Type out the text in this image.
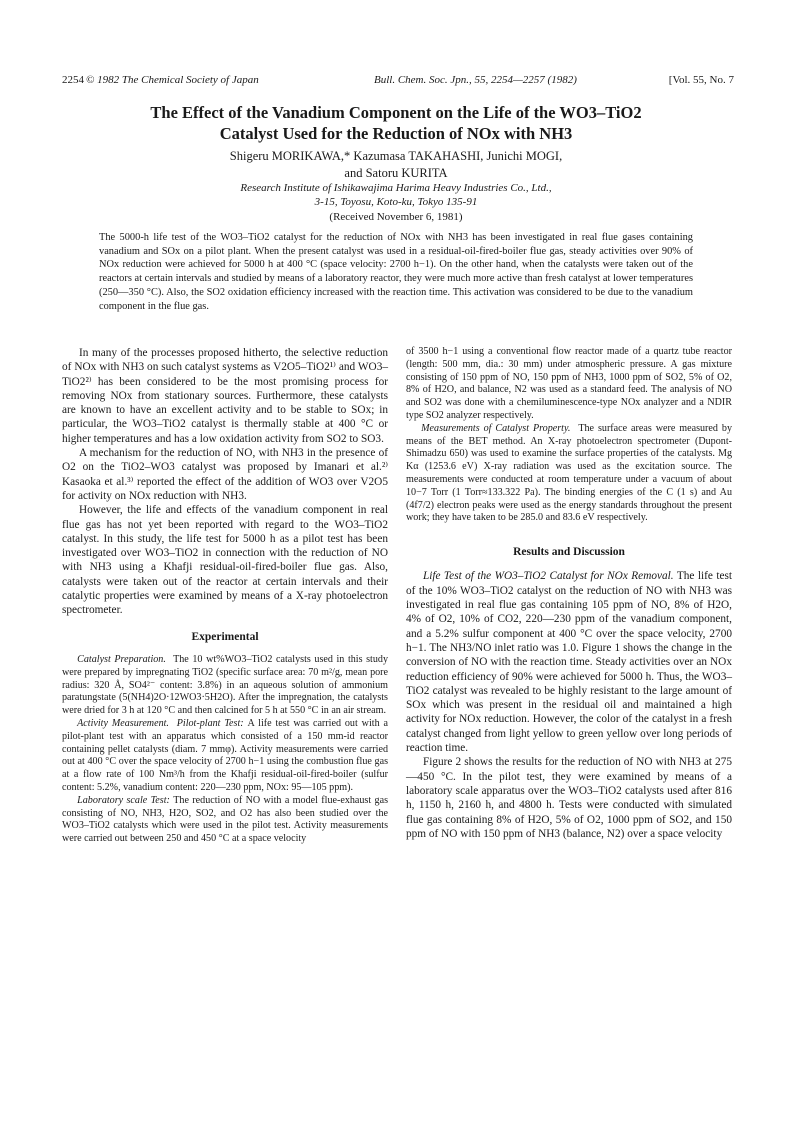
2254 © 1982 The Chemical Society of Japan	Bull. Chem. Soc. Jpn., 55, 2254—2257 (1982)	[Vol. 55, No. 7
The Effect of the Vanadium Component on the Life of the WO3–TiO2
Catalyst Used for the Reduction of NOx with NH3
Shigeru MORIKAWA,* Kazumasa TAKAHASHI, Junichi MOGI,
and Satoru KURITA
Research Institute of Ishikawajima Harima Heavy Industries Co., Ltd.,
3-15, Toyosu, Koto-ku, Tokyo 135-91
(Received November 6, 1981)

The 5000-h life test of the WO3–TiO2 catalyst for the reduction of NOx with NH3 has been investigated in real flue gases containing vanadium and SOx on a pilot plant. When the present catalyst was used in a residual-oil-fired-boiler flue gas, steady activities over 90% of NOx reduction were achieved for 5000 h at 400 °C (space velocity: 2700 h−1). On the other hand, when the catalysts were taken out of the reactors at certain intervals and studied by means of a laboratory reactor, they were much more active than fresh catalyst at lower temperatures (250—350 °C). Also, the SO2 oxidation efficiency increased with the reaction time. This activation was considered to be due to the vanadium component in the flue gas.

In many of the processes proposed hitherto, the selective reduction of NOx with NH3 on such catalyst systems as V2O5–TiO2¹⁾ and WO3–TiO2²⁾ has been considered to be the most promising process for removing NOx from stationary sources. Furthermore, these catalysts are known to have an excellent activity and to be stable to SOx; in particular, the WO3–TiO2 catalyst is thermally stable at 400 °C or higher temperatures and has a low oxidation activity from SO2 to SO3.

A mechanism for the reduction of NO, with NH3 in the presence of O2 on the TiO2–WO3 catalyst was proposed by Imanari et al.²⁾ Kasaoka et al.³⁾ reported the effect of the addition of WO3 over V2O5 for activity on NOx reduction with NH3.

However, the life and effects of the vanadium component in real flue gas has not yet been reported with regard to the WO3–TiO2 catalyst. In this study, the life test for 5000 h as a pilot test has been investigated over WO3–TiO2 in connection with the reduction of NO with NH3 using a Khafji residual-oil-fired-boiler flue gas. Also, catalysts were taken out of the reactor at certain intervals and their catalytic properties were examined by means of a X-ray photoelectron spectrometer.

Experimental

Catalyst Preparation. The 10 wt%WO3–TiO2 catalysts used in this study were prepared by impregnating TiO2 (specific surface area: 70 m²/g, mean pore radius: 320 Å, SO4²⁻ content: 3.8%) in an aqueous solution of ammonium paratungstate (5(NH4)2O·12WO3·5H2O). After the impregnation, the catalysts were dried for 3 h at 120 °C and then calcined for 5 h at 550 °C in an air stream.

Activity Measurement. Pilot-plant Test: A life test was carried out with a pilot-plant test with an apparatus which consisted of a 150 mm-id reactor containing pellet catalysts (diam. 7 mmφ). Activity measurements were carried out at 400 °C over the space velocity of 2700 h−1 using the combustion flue gas at a flow rate of 100 Nm³/h from the Khafji residual-oil-fired-boiler (sulfur content: 5.2%, vanadium content: 220—230 ppm, NOx: 95—105 ppm).

Laboratory scale Test: The reduction of NO with a model flue-exhaust gas consisting of NO, NH3, H2O, SO2, and O2 has also been studied over the WO3–TiO2 catalysts which were used in the pilot test. Activity measurements were carried out between 250 and 450 °C at a space velocity

of 3500 h−1 using a conventional flow reactor made of a quartz tube reactor (length: 500 mm, dia.: 30 mm) under atmospheric pressure. A gas mixture consisting of 150 ppm of NO, 150 ppm of NH3, 1000 ppm of SO2, 5% of O2, 8% of H2O, and balance, N2 was used as a standard feed. The analysis of NO and SO2 was done with a chemiluminescence-type NOx analyzer and a NDIR type SO2 analyzer respectively.

Measurements of Catalyst Property. The surface areas were measured by means of the BET method. An X-ray photoelectron spectrometer (Dupont-Shimadzu 650) was used to examine the surface properties of the catalysts. Mg Kα (1253.6 eV) X-ray radiation was used as the excitation source. The measurements were conducted at room temperature under a vacuum of about 10−7 Torr (1 Torr≈133.322 Pa). The binding energies of the C (1 s) and Au (4f7/2) electron peaks were used as the energy standards throughout the present work; they have taken to be 285.0 and 83.6 eV respectively.

Results and Discussion

Life Test of the WO3–TiO2 Catalyst for NOx Removal. The life test of the 10% WO3–TiO2 catalyst on the reduction of NO with NH3 was investigated in real flue gas containing 105 ppm of NO, 8% of H2O, 4% of O2, 10% of CO2, 220—230 ppm of the vanadium component, and a 5.2% sulfur component at 400 °C over the space velocity, 2700 h−1. The NH3/NO inlet ratio was 1.0. Figure 1 shows the change in the conversion of NO with the reaction time. Steady activities over an NOx reduction efficiency of 90% were achieved for 5000 h. Thus, the WO3–TiO2 catalyst was revealed to be highly resistant to the large amount of SOx which was present in the residual oil and maintained a high activity for NOx reduction. However, the color of the catalyst in a fresh catalyst changed from light yellow to green yellow over long periods of reaction time.

Figure 2 shows the results for the reduction of NO with NH3 at 275—450 °C. In the pilot test, they were examined by means of a laboratory scale apparatus over the WO3–TiO2 catalysts used after 816 h, 1150 h, 2160 h, and 4800 h. Tests were conducted with simulated flue gas containing 8% of H2O, 5% of O2, 1000 ppm of SO2, and 150 ppm of NO with 150 ppm of NH3 (balance, N2) over a space velocity
